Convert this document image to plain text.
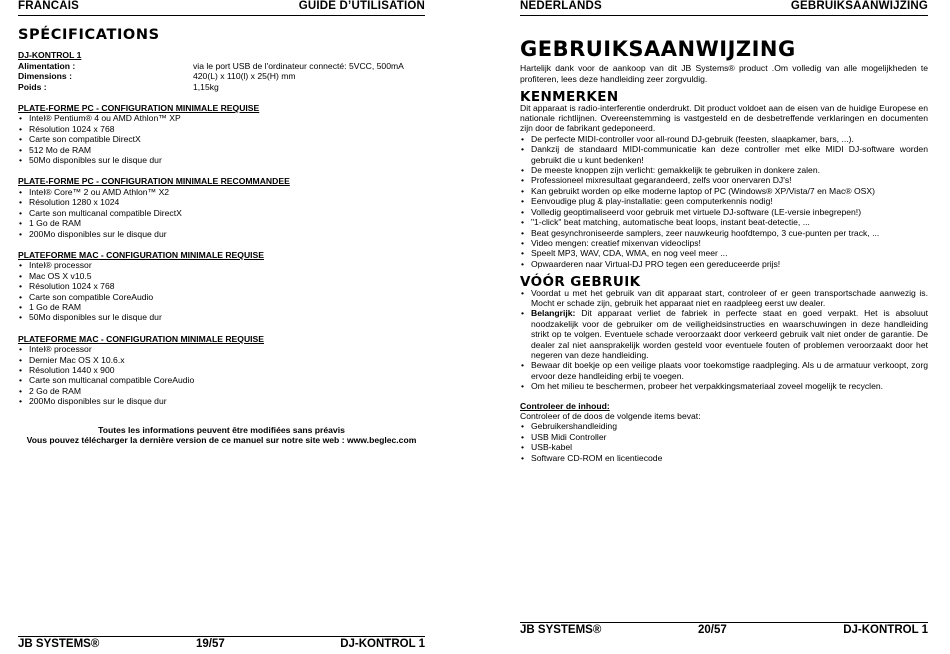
FRANCAIS	GUIDE D’UTILISATION
SPÉCIFICATIONS
DJ-KONTROL 1
Alimentation :	via le port USB de l'ordinateur connecté: 5VCC, 500mA
Dimensions :	420(L) x 110(l) x 25(H) mm
Poids :	1,15kg
PLATE-FORME PC - CONFIGURATION MINIMALE REQUISE
• Intel® Pentium® 4 ou AMD Athlon™ XP
• Résolution 1024 x 768
• Carte son compatible DirectX
• 512 Mo de RAM
• 50Mo disponibles sur le disque dur
PLATE-FORME PC - CONFIGURATION MINIMALE RECOMMANDEE
• Intel® Core™ 2 ou AMD Athlon™ X2
• Résolution 1280 x 1024
• Carte son multicanal compatible DirectX
• 1 Go de RAM
• 200Mo disponibles sur le disque dur
PLATEFORME MAC - CONFIGURATION MINIMALE REQUISE
• Intel® processor
• Mac OS X v10.5
• Résolution 1024 x 768
• Carte son compatible CoreAudio
• 1 Go de RAM
• 50Mo disponibles sur le disque dur
PLATEFORME MAC - CONFIGURATION MINIMALE REQUISE
• Intel® processor
• Dernier Mac OS X 10.6.x
• Résolution 1440 x 900
• Carte son multicanal compatible CoreAudio
• 2 Go de RAM
• 200Mo disponibles sur le disque dur
Toutes les informations peuvent être modifiées sans préavis
Vous pouvez télécharger la dernière version de ce manuel sur notre site web : www.beglec.com
JB SYSTEMS®	19/57	DJ-KONTROL 1
NEDERLANDS	GEBRUIKSAANWIJZING
GEBRUIKSAANWIJZING

Hartelijk dank voor de aankoop van dit JB Systems® product .Om volledig van alle mogelijkheden te profiteren, lees deze handleiding zeer zorgvuldig.

KENMERKEN

Dit apparaat is radio-interferentie onderdrukt. Dit product voldoet aan de eisen van de huidige Europese en nationale richtlijnen. Overeenstemming is vastgesteld en de desbetreffende verklaringen en documenten zijn door de fabrikant gedeponeerd.

• De perfecte MIDI-controller voor all-round DJ-gebruik (feesten, slaapkamer, bars, ...).
• Dankzij de standaard MIDI-communicatie kan deze controller met elke MIDI DJ-software worden gebruikt die u kunt bedenken!
• De meeste knoppen zijn verlicht: gemakkelijk te gebruiken in donkere zalen.
• Professioneel mixresultaat gegarandeerd, zelfs voor onervaren DJ's!
• Kan gebruikt worden op elke moderne laptop of PC (Windows® XP/Vista/7 en Mac® OSX)
• Eenvoudige plug & play-installatie: geen computerkennis nodig!
• Volledig geoptimaliseerd voor gebruik met virtuele DJ-software (LE-versie inbegrepen!)
• "1-click" beat matching, automatische beat loops, instant beat-detectie, ...
• Beat gesynchroniseerde samplers, zeer nauwkeurig hoofdtempo, 3 cue-punten per track, ...
• Video mengen: creatief mixenvan videoclips!
• Speelt MP3, WAV, CDA, WMA, en nog veel meer ...
• Opwaarderen naar Virtual-DJ PRO tegen een gereduceerde prijs!
VÓÓR GEBRUIK
• Voordat u met het gebruik van dit apparaat start, controleer of er geen transportschade aanwezig is. Mocht er schade zijn, gebruik het apparaat niet en raadpleeg eerst uw dealer.
• Belangrijk: Dit apparaat verliet de fabriek in perfecte staat en goed verpakt. Het is absoluut noodzakelijk voor de gebruiker om de veiligheidsinstructies en waarschuwingen in deze handleiding strikt op te volgen. Eventuele schade veroorzaakt door verkeerd gebruik valt niet onder de garantie. De dealer zal niet aansprakelijk worden gesteld voor eventuele fouten of problemen veroorzaakt door het negeren van deze handleiding.
• Bewaar dit boekje op een veilige plaats voor toekomstige raadpleging. Als u de armatuur verkoopt, zorg ervoor deze handleiding erbij te voegen.
• Om het milieu te beschermen, probeer het verpakkingsmateriaal zoveel mogelijk te recyclen.
Controleer de inhoud:

Controleer of de doos de volgende items bevat:

• Gebruikershandleiding
• USB Midi Controller
• USB-kabel
• Software CD-ROM en licentiecode
JB SYSTEMS®	20/57	DJ-KONTROL 1
